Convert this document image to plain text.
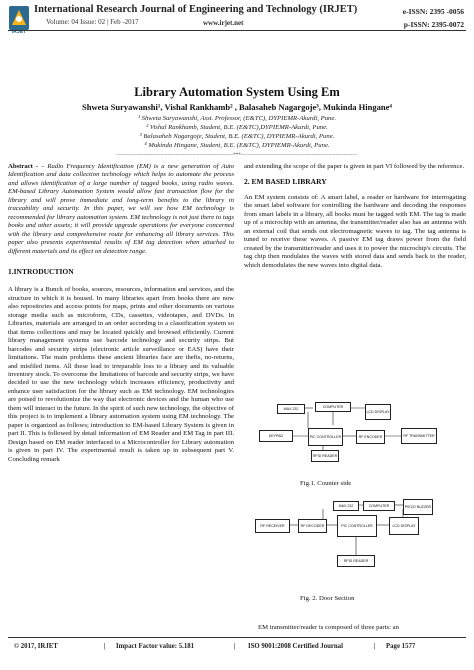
IRJET
International Research Journal of Engineering and Technology (IRJET)	e-ISSN: 2395 -0056
Volume: 04 Issue: 02 | Feb -2017	www.irjet.net	p-ISSN: 2395-0072
Library Automation System Using Em
Shweta Suryawanshi¹, Vishal Rankhamb² , Balasaheb Nagargoje³, Mukinda Hingane⁴
¹ Shweta Suryawanshi, Asst. Professor, (E&TC), DYPIEMR-Akurdi, Pune.
² Vishal Rankhamb, Student, B.E. (E&TC),DYPIEMR-Akurdi, Pune.
³ Balasaheb Nagargoje, Student, B.E. (E&TC), DYPIEMR-Akurdi, Pune.
⁴ Mukinda Hingane, Student, B.E. (E&TC), DYPIEMR-Akurdi, Pune.
---------------------------------------------------------------------***---------------------------------------------------------------------

Abstract - – Radio Frequency Identification (EM) is a new generation of Auto Identification and data collection technology which helps to automate the process and allows identification of a large number of tagged books, using radio waves. EM-based Library Automation System would allow fast transaction flow for the library and will prove immediate and long-term benefits to the library in traceability and security. In this paper, we will see how EM technology is recommended for library automation system. EM technology is not just there to tags books and other assets; it will provide upgrade operations for everyone concerned with the library and comprehensive route for enhancing all library services. This paper also presents experimental results of EM tag detection when attached to different materials and its effect on detection range.

1.INTRODUCTION

A library is a Bunch of books, sources, resources, information and services, and the structure in which it is housed. In many libraries apart from books there are now also repositories and access points for maps, prints and other documents on various storage media such as microform, CDs, cassettes, videotapes, and DVDs. In Libraries, materials are arranged in an order according to a classification system so that items collections and may be located quickly and browsed efficiently. Current library management systems use barcode technology and security strips. But barcodes and security strips (electronic article surveillance or EAS) have their limitations. The main problems these ancient libraries face are thefts, no-returns, and misfiled items. All these lead to irreparable loss to a library and its valuable inventory stock. To overcome the limitations of barcode and security strips, we have decided to use the new technology which increases efficiency, productivity and enhance user satisfaction for the library such as EM technology. EM technologies are poised to revolutionize the way that electronic devices and the human who use them will interact in the future. In the spirit of such new technology, the objective of this project is to implement a library automation system using EM technology. The paper is organized as follows; introduction to EM-based Library System is given in part II. This is followed by detail information of EM Reader and EM Tag in part III. Design based on EM reader interfaced to a Microcontroller for Library automation is given in part IV. The experimental result is taken up in subsequent part V. Concluding remark

and extending the scope of the paper is given in part VI followed by the reference.

2. EM BASED LIBRARY

An EM system consists of: A smart label, a reader or hardware for interrogating the smart label software for controlling the hardware and decoding the responses from smart labels in a library, all books must be tagged with EM. The tag is made up of a microchip with an antenna, the transmitter/reader also has an antenna with an external coil that sends out electromagnetic waves to tag. The tag antenna is tuned to receive these waves. A passive EM tag draws power from the field created by the transmitter/reader and uses it to power the microchip's circuits. The tag chip then modulates the waves with stored data and sends back to the reader, which demodulates the new waves into digital data.

MAX 232	COMPUTER
LCD DISPLAY
KEYPAD	PIC CONTROLLER	RF ENCODER	RF TRANSMITTER
RFID READER
Fig.1. Counter side
MAX 232	COMPUTER	PIEZO BUZZER
RF RECEIVER	RF DECODER	PIC CONTROLLER	LCD DISPLAY
RFID READER
Fig. 2. Door Section
EM transmitter/reader is composed of three parts: an
© 2017, IRJET	| Impact Factor value: 5.181	| ISO 9001:2008 Certified Journal	| Page 1577
